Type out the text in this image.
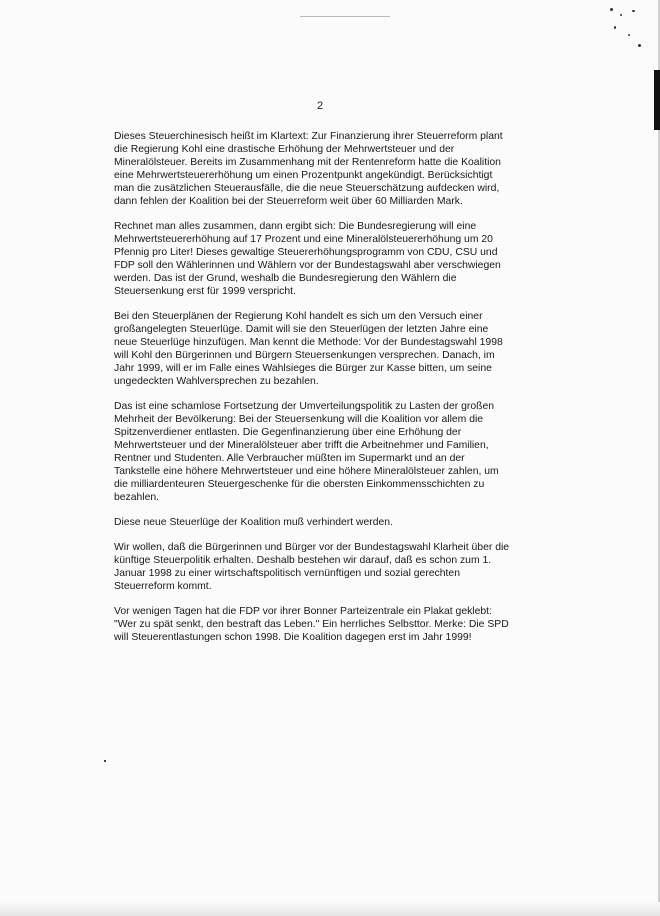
2

Dieses Steuerchinesisch heißt im Klartext: Zur Finanzierung ihrer Steuerreform plant
die Regierung Kohl eine drastische Erhöhung der Mehrwertsteuer und der
Mineralölsteuer. Bereits im Zusammenhang mit der Rentenreform hatte die Koalition
eine Mehrwertsteuererhöhung um einen Prozentpunkt angekündigt. Berücksichtigt
man die zusätzlichen Steuerausfälle, die die neue Steuerschätzung aufdecken wird,
dann fehlen der Koalition bei der Steuerreform weit über 60 Milliarden Mark.

Rechnet man alles zusammen, dann ergibt sich: Die Bundesregierung will eine
Mehrwertsteuererhöhung auf 17 Prozent und eine Mineralölsteuererhöhung um 20
Pfennig pro Liter! Dieses gewaltige Steuererhöhungsprogramm von CDU, CSU und
FDP soll den Wählerinnen und Wählern vor der Bundestagswahl aber verschwiegen
werden. Das ist der Grund, weshalb die Bundesregierung den Wählern die
Steuersenkung erst für 1999 verspricht.

Bei den Steuerplänen der Regierung Kohl handelt es sich um den Versuch einer
großangelegten Steuerlüge. Damit will sie den Steuerlügen der letzten Jahre eine
neue Steuerlüge hinzufügen. Man kennt die Methode: Vor der Bundestagswahl 1998
will Kohl den Bürgerinnen und Bürgern Steuersenkungen versprechen. Danach, im
Jahr 1999, will er im Falle eines Wahlsieges die Bürger zur Kasse bitten, um seine
ungedeckten Wahlversprechen zu bezahlen.

Das ist eine schamlose Fortsetzung der Umverteilungspolitik zu Lasten der großen
Mehrheit der Bevölkerung: Bei der Steuersenkung will die Koalition vor allem die
Spitzenverdiener entlasten. Die Gegenfinanzierung über eine Erhöhung der
Mehrwertsteuer und der Mineralölsteuer aber trifft die Arbeitnehmer und Familien,
Rentner und Studenten. Alle Verbraucher müßten im Supermarkt und an der
Tankstelle eine höhere Mehrwertsteuer und eine höhere Mineralölsteuer zahlen, um
die milliardenteuren Steuergeschenke für die obersten Einkommensschichten zu
bezahlen.

Diese neue Steuerlüge der Koalition muß verhindert werden.

Wir wollen, daß die Bürgerinnen und Bürger vor der Bundestagswahl Klarheit über die
künftige Steuerpolitik erhalten. Deshalb bestehen wir darauf, daß es schon zum 1.
Januar 1998 zu einer wirtschaftspolitisch vernünftigen und sozial gerechten
Steuerreform kommt.

Vor wenigen Tagen hat die FDP vor ihrer Bonner Parteizentrale ein Plakat geklebt:
"Wer zu spät senkt, den bestraft das Leben." Ein herrliches Selbsttor. Merke: Die SPD
will Steuerentlastungen schon 1998. Die Koalition dagegen erst im Jahr 1999!
